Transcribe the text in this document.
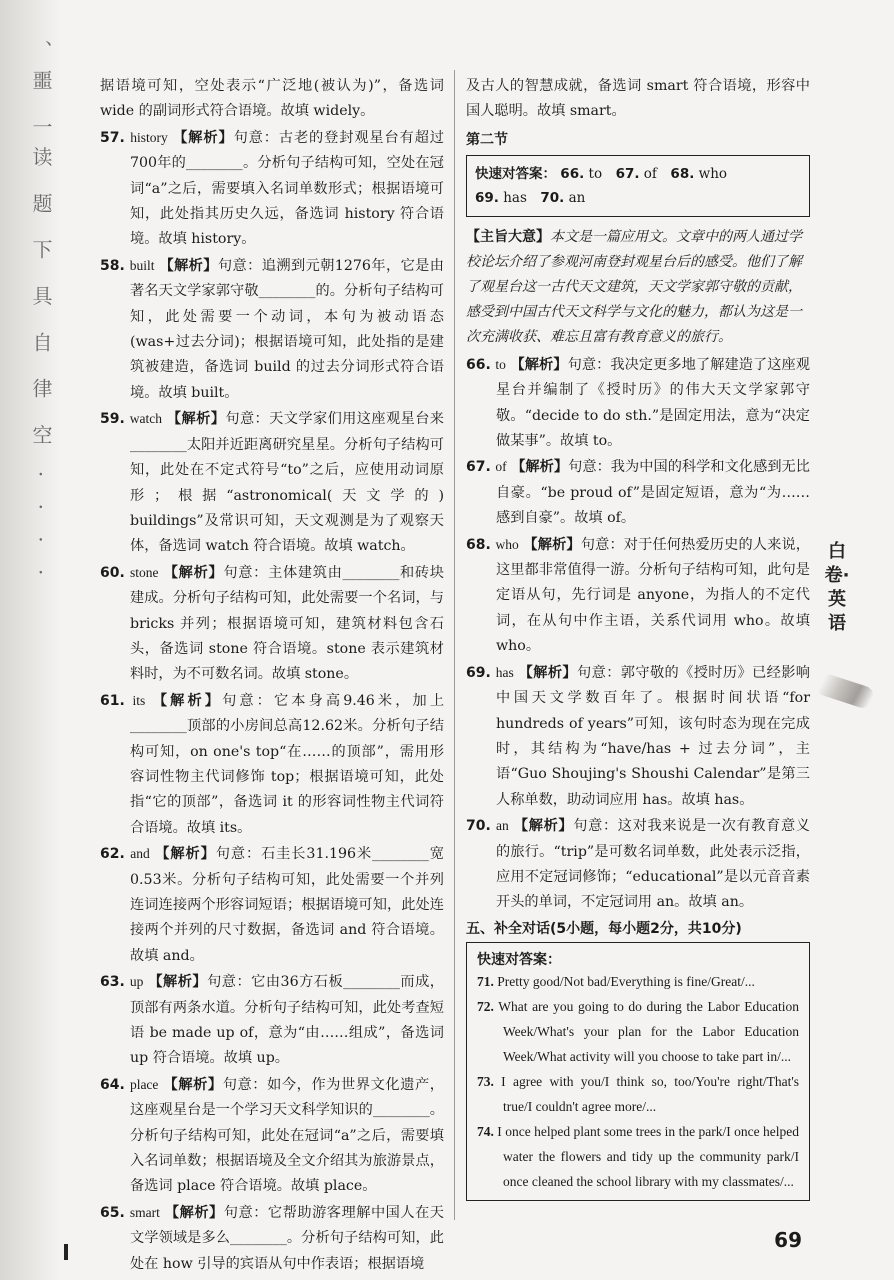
、噩 一读 题 下 具 自 律 空 · · · ·	据语境可知，空处表示“广泛地(被认为)”，备选词 wide 的副词形式符合语境。故填 widely。

57. history 【解析】句意：古老的登封观星台有超过700年的________。分析句子结构可知，空处在冠词“a”之后，需要填入名词单数形式；根据语境可知，此处指其历史久远，备选词 history 符合语境。故填 history。
58. built 【解析】句意：追溯到元朝1276年，它是由著名天文学家郭守敬________的。分析句子结构可知，此处需要一个动词，本句为被动语态(was+过去分词)；根据语境可知，此处指的是建筑被建造，备选词 build 的过去分词形式符合语境。故填 built。
59. watch 【解析】句意：天文学家们用这座观星台来________太阳并近距离研究星星。分析句子结构可知，此处在不定式符号“to”之后，应使用动词原形；根据“astronomical(天文学的) buildings”及常识可知，天文观测是为了观察天体，备选词 watch 符合语境。故填 watch。
60. stone 【解析】句意：主体建筑由________和砖块建成。分析句子结构可知，此处需要一个名词，与 bricks 并列；根据语境可知，建筑材料包含石头，备选词 stone 符合语境。stone 表示建筑材料时，为不可数名词。故填 stone。
61. its 【解析】句意：它本身高9.46米，加上________顶部的小房间总高12.62米。分析句子结构可知，on one's top“在……的顶部”，需用形容词性物主代词修饰 top；根据语境可知，此处指“它的顶部”，备选词 it 的形容词性物主代词符合语境。故填 its。
62. and 【解析】句意：石圭长31.196米________宽0.53米。分析句子结构可知，此处需要一个并列连词连接两个形容词短语；根据语境可知，此处连接两个并列的尺寸数据，备选词 and 符合语境。故填 and。
63. up 【解析】句意：它由36方石板________而成，顶部有两条水道。分析句子结构可知，此处考查短语 be made up of，意为“由……组成”，备选词 up 符合语境。故填 up。
64. place 【解析】句意：如今，作为世界文化遗产，这座观星台是一个学习天文科学知识的________。分析句子结构可知，此处在冠词“a”之后，需要填入名词单数；根据语境及全文介绍其为旅游景点，备选词 place 符合语境。故填 place。
65. smart 【解析】句意：它帮助游客理解中国人在天文学领域是多么________。分析句子结构可知，此处在 how 引导的宾语从句中作表语；根据语境

及古人的智慧成就，备选词 smart 符合语境，形容中国人聪明。故填 smart。

第二节
快速对答案： 66. to  67. of  68. who 
69. has  70. an 
【主旨大意】本文是一篇应用文。文章中的两人通过学校论坛介绍了参观河南登封观星台后的感受。他们了解了观星台这一古代天文建筑，天文学家郭守敬的贡献，感受到中国古代天文科学与文化的魅力，都认为这是一次充满收获、难忘且富有教育意义的旅行。
66. to 【解析】句意：我决定更多地了解建造了这座观星台并编制了《授时历》的伟大天文学家郭守敬。“decide to do sth.”是固定用法，意为“决定做某事”。故填 to。
67. of 【解析】句意：我为中国的科学和文化感到无比自豪。“be proud of”是固定短语，意为“为……感到自豪”。故填 of。
68. who 【解析】句意：对于任何热爱历史的人来说，这里都非常值得一游。分析句子结构可知，此句是定语从句，先行词是 anyone，为指人的不定代词，在从句中作主语，关系代词用 who。故填 who。
69. has 【解析】句意：郭守敬的《授时历》已经影响中国天文学数百年了。根据时间状语“for hundreds of years”可知，该句时态为现在完成时，其结构为“have/has + 过去分词”，主语“Guo Shoujing's Shoushi Calendar”是第三人称单数，助动词应用 has。故填 has。
70. an 【解析】句意：这对我来说是一次有教育意义的旅行。“trip”是可数名词单数，此处表示泛指，应用不定冠词修饰；“educational”是以元音音素开头的单词，不定冠词用 an。故填 an。
五、补全对话(5小题，每小题2分，共10分)
快速对答案：

71. Pretty good/Not bad/Everything is fine/Great/...

72. What are you going to do during the Labor Education Week/What's your plan for the Labor Education Week/What activity will you choose to take part in/...

73. I agree with you/I think so, too/You're right/That's true/I couldn't agree more/...

74. I once helped plant some trees in the park/I once helped water the flowers and tidy up the community park/I once cleaned the school library with my classmates/...

白卷·英语
69
